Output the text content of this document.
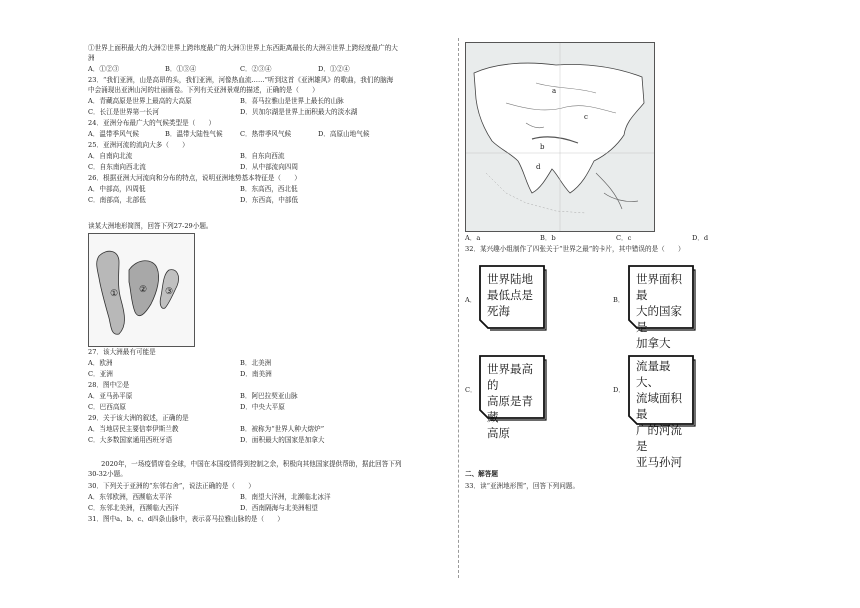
①世界上面积最大的大洲②世界上跨纬度最广的大洲③世界上东西距离最长的大洲④世界上跨经度最广的大
洲
A．①②③	B．①③④	C．②③④	D．①②④
23．“我们亚洲，山是高昂的头，我们亚洲，河像热血流……”听到这首《亚洲雄风》的歌曲，我们的脑海
中会涌现出亚洲山河的壮丽画卷。下列有关亚洲景观的描述，正确的是（　　）
A．青藏高原是世界上最高的大高原	B．喜马拉雅山是世界上最长的山脉
C．长江是世界第一长河	D．贝加尔湖是世界上面积最大的淡水湖
24．亚洲分布最广大的气候类型是（　　）
A．温带季风气候	B．温带大陆性气候	C．热带季风气候	D．高原山地气候
25．亚洲河流的流向大多（　　）
A．自南向北流	B．自东向西流
C．自东南向西北流	D．从中部流向四周
26．根据亚洲大河流向和分布的特点，说明亚洲地势基本特征是（　　）
A．中部高，四周低	B．东高西，西北低
C．南部高，北部低	D．东西高，中部低
读某大洲地形简图，回答下列27-29小题。
① ② ③
27．该大洲最有可能是
A．欧洲	B．北美洲
C．亚洲	D．南美洲
28．图中②是
A．亚马孙平原	B．阿巴拉契亚山脉
C．巴西高原	D．中央大平原
29．关于该大洲的叙述，正确的是
A．当地居民主要信奉伊斯兰教	B．被称为“世界人种大熔炉”
C．大多数国家通用西班牙语	D．面积最大的国家是加拿大
　　2020年，一场疫情席卷全球，中国在本国疫情得到控制之余，积极向其他国家提供帮助，据此回答下列
30-32小题。
30．下列关于亚洲的“东邻右舍”，说法正确的是（　　）
A．东邻欧洲，西濒临太平洋	B．南望大洋洲，北濒临北冰洋
C．东邻北美洲，西濒临大西洋	D．西南隔海与北美洲相望
31．图中a、b、c、d四条山脉中，表示喜马拉雅山脉的是（　　）
a
b
c
d
A．a	B．b	C．c	D．d
32．某兴趣小组制作了四张关于“世界之最”的卡片，其中错误的是（　　）
A．
世界陆地
最低点是
死海
B．
世界面积最
大的国家是
加拿大
C．
世界最高的
高原是青藏
高原
D．
流量最大、
流域面积最
广的河流是
亚马孙河
二、解答题
33．读“亚洲地形图”，回答下列问题。
